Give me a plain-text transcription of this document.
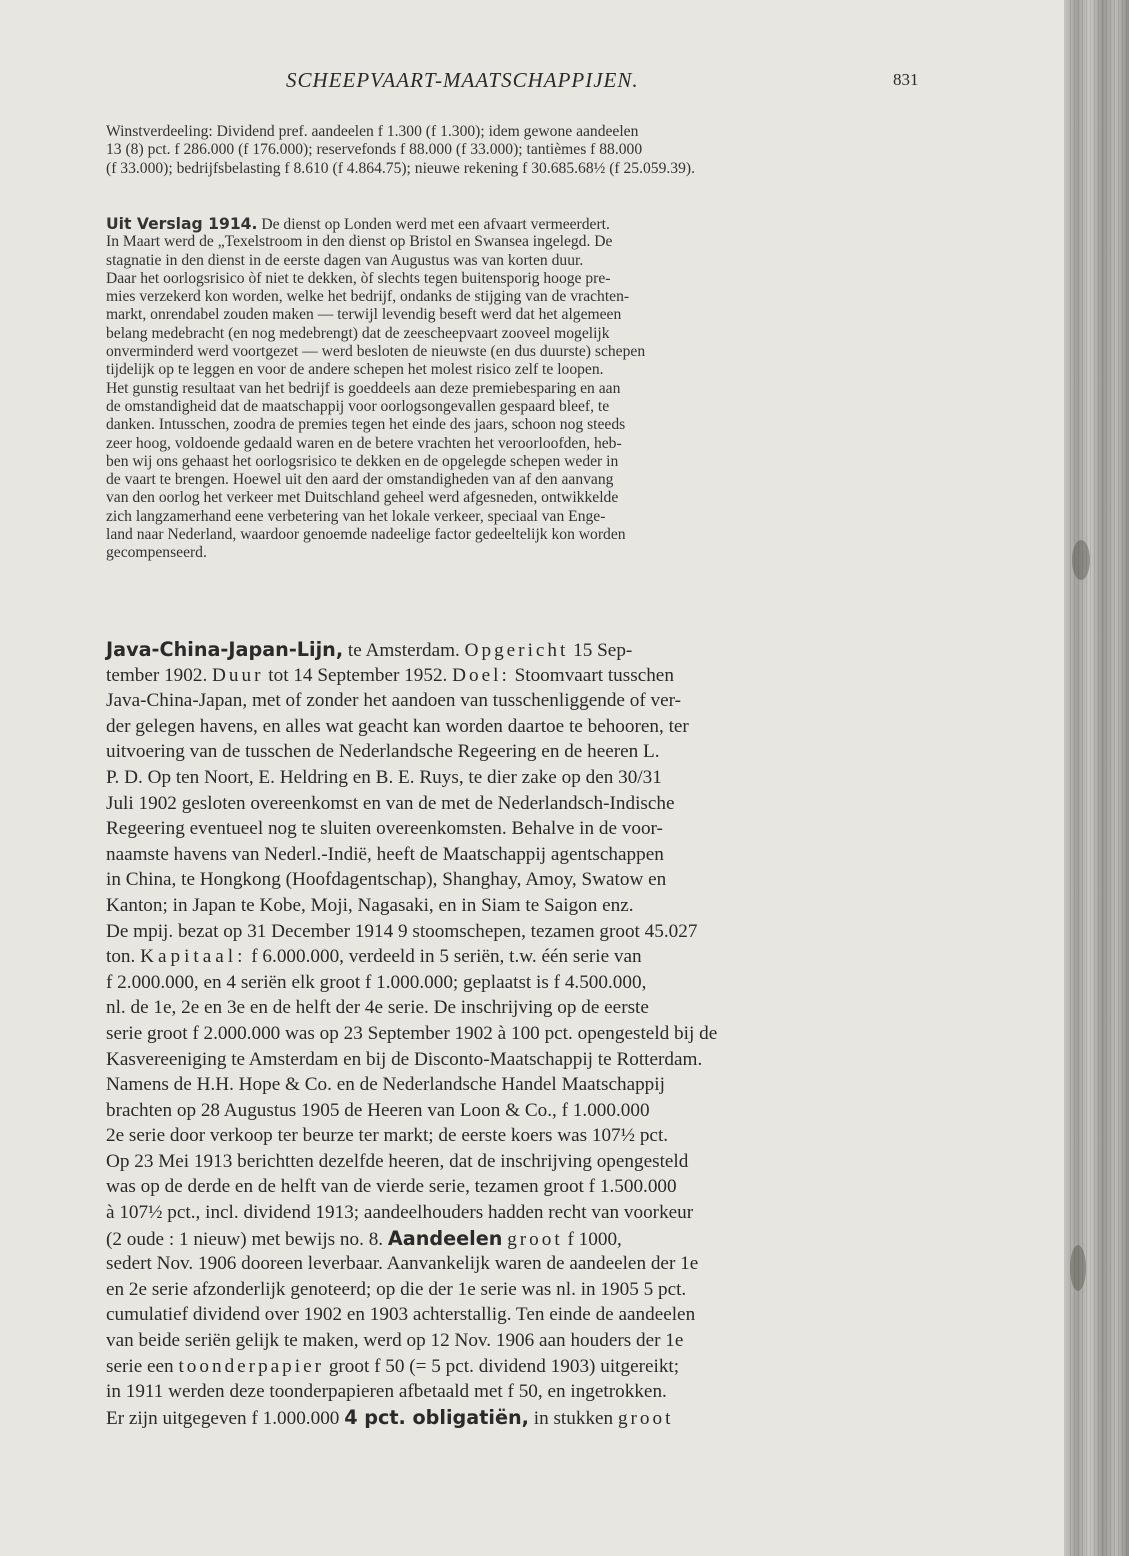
SCHEEPVAART-MAATSCHAPPIJEN.	831
Winstverdeeling: Dividend pref. aandeelen f 1.300 (f 1.300); idem gewone aandeelen
13 (8) pct. f 286.000 (f 176.000); reservefonds f 88.000 (f 33.000); tantièmes f 88.000
(f 33.000); bedrijfsbelasting f 8.610 (f 4.864.75); nieuwe rekening f 30.685.68½ (f 25.059.39).
Uit Verslag 1914. De dienst op Londen werd met een afvaart vermeerdert.
In Maart werd de „Texelstroom in den dienst op Bristol en Swansea ingelegd. De
stagnatie in den dienst in de eerste dagen van Augustus was van korten duur.
Daar het oorlogsrisico òf niet te dekken, òf slechts tegen buitensporig hooge pre-
mies verzekerd kon worden, welke het bedrijf, ondanks de stijging van de vrachten-
markt, onrendabel zouden maken — terwijl levendig beseft werd dat het algemeen
belang medebracht (en nog medebrengt) dat de zeescheepvaart zooveel mogelijk
onverminderd werd voortgezet — werd besloten de nieuwste (en dus duurste) schepen
tijdelijk op te leggen en voor de andere schepen het molest risico zelf te loopen.
Het gunstig resultaat van het bedrijf is goeddeels aan deze premiebesparing en aan
de omstandigheid dat de maatschappij voor oorlogsongevallen gespaard bleef, te
danken. Intusschen, zoodra de premies tegen het einde des jaars, schoon nog steeds
zeer hoog, voldoende gedaald waren en de betere vrachten het veroorloofden, heb-
ben wij ons gehaast het oorlogsrisico te dekken en de opgelegde schepen weder in
de vaart te brengen. Hoewel uit den aard der omstandigheden van af den aanvang
van den oorlog het verkeer met Duitschland geheel werd afgesneden, ontwikkelde
zich langzamerhand eene verbetering van het lokale verkeer, speciaal van Enge-
land naar Nederland, waardoor genoemde nadeelige factor gedeeltelijk kon worden
gecompenseerd.
Java-China-Japan-Lijn, te Amsterdam. Opgericht 15 Sep-
tember 1902. Duur tot 14 September 1952. Doel: Stoomvaart tusschen
Java-China-Japan, met of zonder het aandoen van tusschenliggende of ver-
der gelegen havens, en alles wat geacht kan worden daartoe te behooren, ter
uitvoering van de tusschen de Nederlandsche Regeering en de heeren L.
P. D. Op ten Noort, E. Heldring en B. E. Ruys, te dier zake op den 30/31
Juli 1902 gesloten overeenkomst en van de met de Nederlandsch-Indische
Regeering eventueel nog te sluiten overeenkomsten. Behalve in de voor-
naamste havens van Nederl.-Indië, heeft de Maatschappij agentschappen
in China, te Hongkong (Hoofdagentschap), Shanghay, Amoy, Swatow en
Kanton; in Japan te Kobe, Moji, Nagasaki, en in Siam te Saigon enz.
De mpij. bezat op 31 December 1914 9 stoomschepen, tezamen groot 45.027
ton. Kapitaal: f 6.000.000, verdeeld in 5 seriën, t.w. één serie van
f 2.000.000, en 4 seriën elk groot f 1.000.000; geplaatst is f 4.500.000,
nl. de 1e, 2e en 3e en de helft der 4e serie. De inschrijving op de eerste
serie groot f 2.000.000 was op 23 September 1902 à 100 pct. opengesteld bij de
Kasvereeniging te Amsterdam en bij de Disconto-Maatschappij te Rotterdam.
Namens de H.H. Hope & Co. en de Nederlandsche Handel Maatschappij
brachten op 28 Augustus 1905 de Heeren van Loon & Co., f 1.000.000
2e serie door verkoop ter beurze ter markt; de eerste koers was 107½ pct.
Op 23 Mei 1913 berichtten dezelfde heeren, dat de inschrijving opengesteld
was op de derde en de helft van de vierde serie, tezamen groot f 1.500.000
à 107½ pct., incl. dividend 1913; aandeelhouders hadden recht van voorkeur
(2 oude : 1 nieuw) met bewijs no. 8. Aandeelen groot f 1000,
sedert Nov. 1906 dooreen leverbaar. Aanvankelijk waren de aandeelen der 1e
en 2e serie afzonderlijk genoteerd; op die der 1e serie was nl. in 1905 5 pct.
cumulatief dividend over 1902 en 1903 achterstallig. Ten einde de aandeelen
van beide seriën gelijk te maken, werd op 12 Nov. 1906 aan houders der 1e
serie een toonderpapier groot f 50 (= 5 pct. dividend 1903) uitgereikt;
in 1911 werden deze toonderpapieren afbetaald met f 50, en ingetrokken.
Er zijn uitgegeven f 1.000.000 4 pct. obligatiën, in stukken groot
